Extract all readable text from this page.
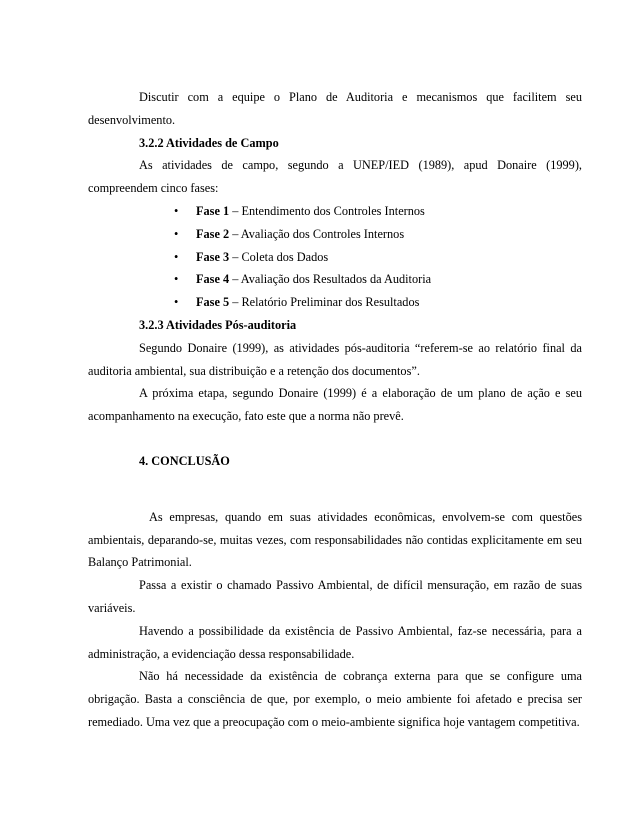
Discutir com a equipe o Plano de Auditoria e mecanismos que facilitem seu desenvolvimento.

3.2.2 Atividades de Campo

As atividades de campo, segundo a UNEP/IED (1989), apud Donaire (1999), compreendem cinco fases:

• Fase 1 – Entendimento dos Controles Internos
• Fase 2 – Avaliação dos Controles Internos
• Fase 3 – Coleta dos Dados
• Fase 4 – Avaliação dos Resultados da Auditoria
• Fase 5 – Relatório Preliminar dos Resultados

3.2.3 Atividades Pós-auditoria

Segundo Donaire (1999), as atividades pós-auditoria “referem-se ao relatório final da auditoria ambiental, sua distribuição e a retenção dos documentos”.

A próxima etapa, segundo Donaire (1999) é a elaboração de um plano de ação e seu acompanhamento na execução, fato este que a norma não prevê.

4. CONCLUSÃO

As empresas, quando em suas atividades econômicas, envolvem-se com questões ambientais, deparando-se, muitas vezes, com responsabilidades não contidas explicitamente em seu Balanço Patrimonial.

Passa a existir o chamado Passivo Ambiental, de difícil mensuração, em razão de suas variáveis.

Havendo a possibilidade da existência de Passivo Ambiental, faz-se necessária, para a administração, a evidenciação dessa responsabilidade.

Não há necessidade da existência de cobrança externa para que se configure uma obrigação. Basta a consciência de que, por exemplo, o meio ambiente foi afetado e precisa ser remediado. Uma vez que a preocupação com o meio-ambiente significa hoje vantagem competitiva.
